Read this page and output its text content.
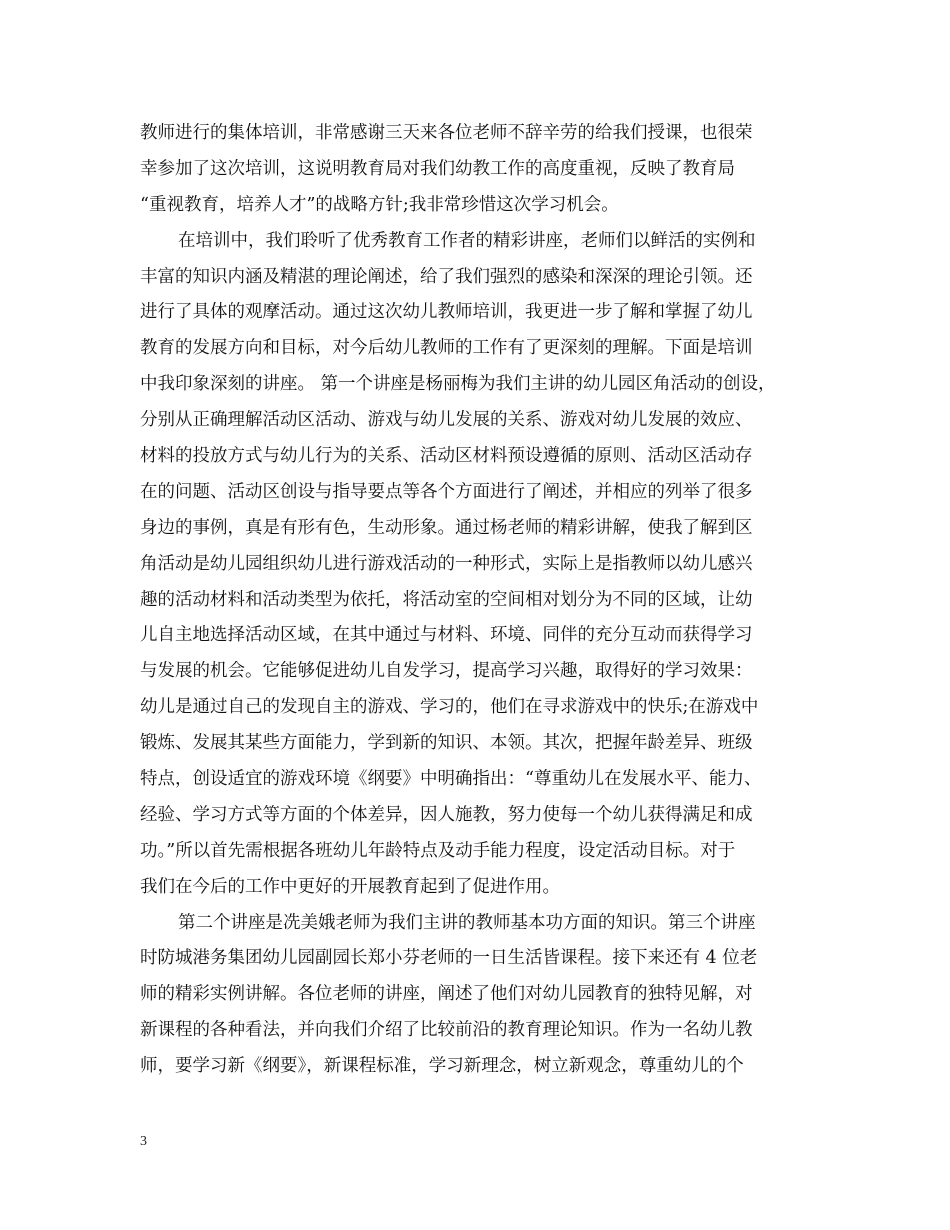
教师进行的集体培训，非常感谢三天来各位老师不辞辛劳的给我们授课，也很荣
幸参加了这次培训，这说明教育局对我们幼教工作的高度重视，反映了教育局
“重视教育，培养人才”的战略方针;我非常珍惜这次学习机会。
在培训中，我们聆听了优秀教育工作者的精彩讲座，老师们以鲜活的实例和
丰富的知识内涵及精湛的理论阐述，给了我们强烈的感染和深深的理论引领。还
进行了具体的观摩活动。通过这次幼儿教师培训，我更进一步了解和掌握了幼儿
教育的发展方向和目标，对今后幼儿教师的工作有了更深刻的理解。下面是培训
中我印象深刻的讲座。 第一个讲座是杨丽梅为我们主讲的幼儿园区角活动的创设，
分别从正确理解活动区活动、游戏与幼儿发展的关系、游戏对幼儿发展的效应、
材料的投放方式与幼儿行为的关系、活动区材料预设遵循的原则、活动区活动存
在的问题、活动区创设与指导要点等各个方面进行了阐述，并相应的列举了很多
身边的事例，真是有形有色，生动形象。通过杨老师的精彩讲解，使我了解到区
角活动是幼儿园组织幼儿进行游戏活动的一种形式，实际上是指教师以幼儿感兴
趣的活动材料和活动类型为依托，将活动室的空间相对划分为不同的区域，让幼
儿自主地选择活动区域，在其中通过与材料、环境、同伴的充分互动而获得学习
与发展的机会。它能够促进幼儿自发学习，提高学习兴趣，取得好的学习效果：
幼儿是通过自己的发现自主的游戏、学习的，他们在寻求游戏中的快乐;在游戏中
锻炼、发展其某些方面能力，学到新的知识、本领。其次，把握年龄差异、班级
特点，创设适宜的游戏环境《纲要》中明确指出：“尊重幼儿在发展水平、能力、
经验、学习方式等方面的个体差异，因人施教，努力使每一个幼儿获得满足和成
功。”所以首先需根据各班幼儿年龄特点及动手能力程度，设定活动目标。对于
我们在今后的工作中更好的开展教育起到了促进作用。
第二个讲座是冼美娥老师为我们主讲的教师基本功方面的知识。第三个讲座
时防城港务集团幼儿园副园长郑小芬老师的一日生活皆课程。接下来还有 4 位老
师的精彩实例讲解。各位老师的讲座，阐述了他们对幼儿园教育的独特见解，对
新课程的各种看法，并向我们介绍了比较前沿的教育理论知识。作为一名幼儿教
师，要学习新《纲要》，新课程标准，学习新理念，树立新观念，尊重幼儿的个
3
